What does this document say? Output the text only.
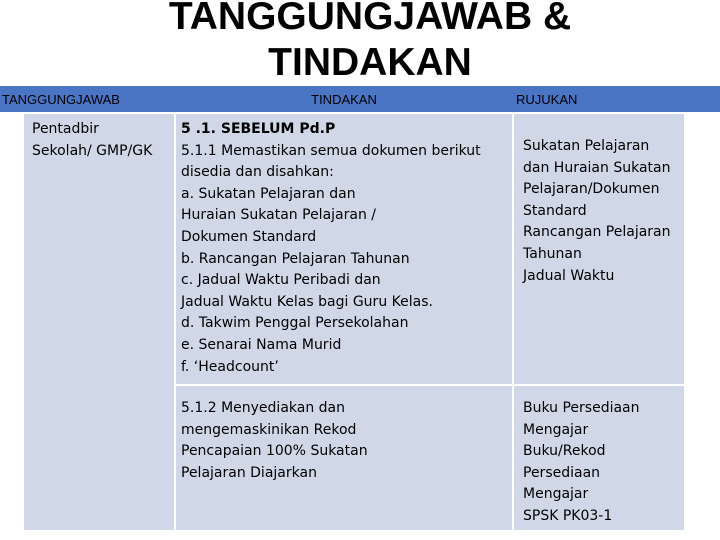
TANGGUNGJAWAB &
TINDAKAN
TANGGUNGJAWAB	TINDAKAN	RUJUKAN
Pentadbir
Sekolah/ GMP/GK
5 .1. SEBELUM Pd.P
5.1.1 Memastikan semua dokumen berikut
disedia dan disahkan:
a. Sukatan Pelajaran dan
Huraian Sukatan Pelajaran /
Dokumen Standard
b. Rancangan Pelajaran Tahunan
c. Jadual Waktu Peribadi dan
Jadual Waktu Kelas bagi Guru Kelas.
d. Takwim Penggal Persekolahan
e. Senarai Nama Murid
f. ‘Headcount’
Sukatan Pelajaran
dan Huraian Sukatan
Pelajaran/Dokumen
Standard
Rancangan Pelajaran
Tahunan
Jadual Waktu
5.1.2 Menyediakan dan
mengemaskinikan Rekod
Pencapaian 100% Sukatan
Pelajaran Diajarkan
Buku Persediaan
Mengajar
Buku/Rekod
Persediaan
Mengajar
SPSK PK03-1
